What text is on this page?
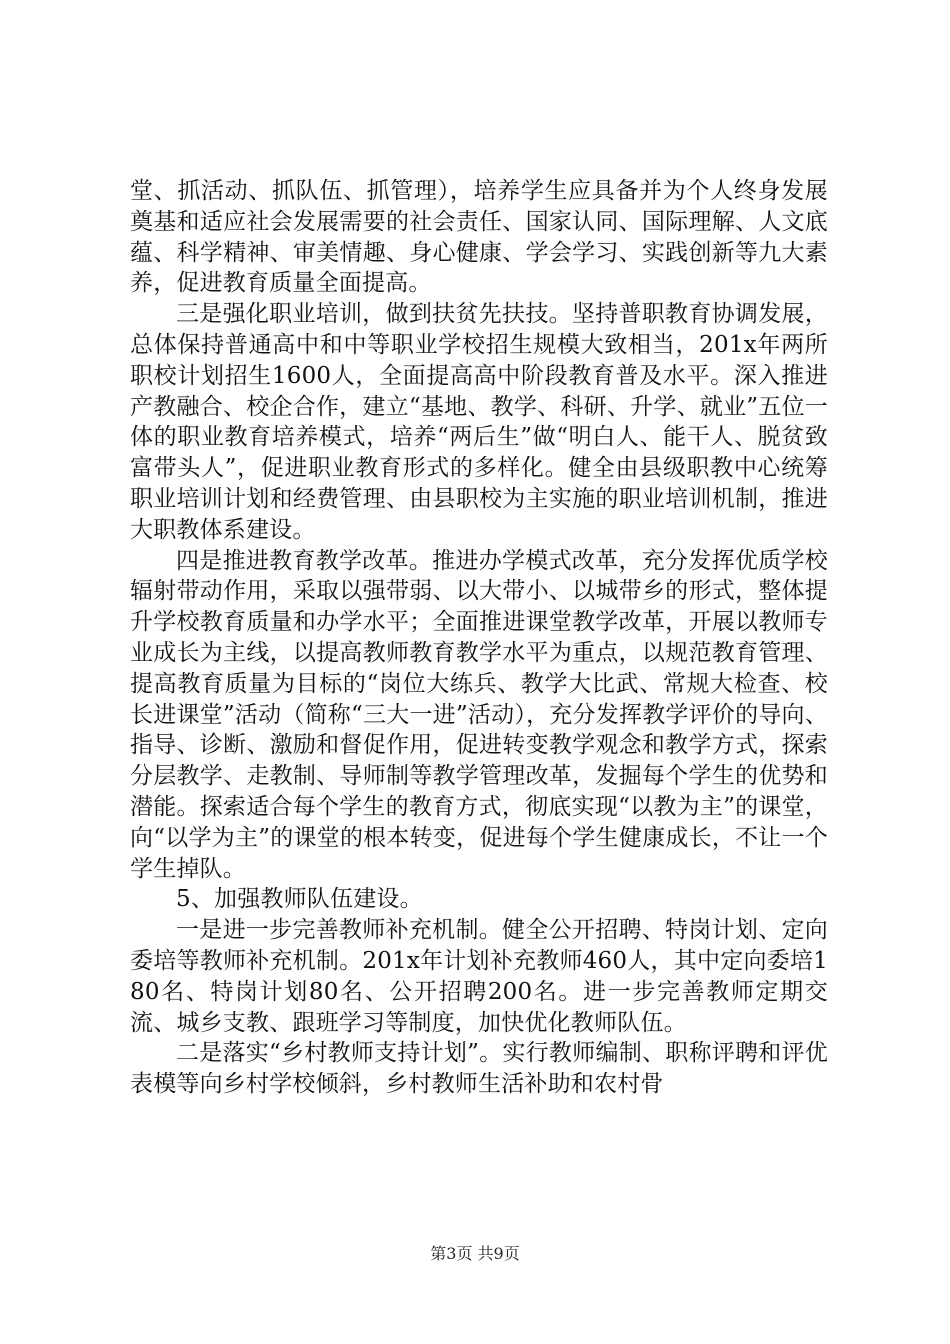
堂、抓活动、抓队伍、抓管理），培养学生应具备并为个人终身发展奠基和适应社会发展需要的社会责任、国家认同、国际理解、人文底蕴、科学精神、审美情趣、身心健康、学会学习、实践创新等九大素养，促进教育质量全面提高。

三是强化职业培训，做到扶贫先扶技。坚持普职教育协调发展，总体保持普通高中和中等职业学校招生规模大致相当，201x年两所职校计划招生1600人，全面提高高中阶段教育普及水平。深入推进产教融合、校企合作，建立“基地、教学、科研、升学、就业”五位一体的职业教育培养模式，培养“两后生”做“明白人、能干人、脱贫致富带头人”，促进职业教育形式的多样化。健全由县级职教中心统筹职业培训计划和经费管理、由县职校为主实施的职业培训机制，推进大职教体系建设。

四是推进教育教学改革。推进办学模式改革，充分发挥优质学校辐射带动作用，采取以强带弱、以大带小、以城带乡的形式，整体提升学校教育质量和办学水平；全面推进课堂教学改革，开展以教师专业成长为主线，以提高教师教育教学水平为重点，以规范教育管理、提高教育质量为目标的“岗位大练兵、教学大比武、常规大检查、校长进课堂”活动（简称“三大一进”活动），充分发挥教学评价的导向、指导、诊断、激励和督促作用，促进转变教学观念和教学方式，探索分层教学、走教制、导师制等教学管理改革，发掘每个学生的优势和潜能。探索适合每个学生的教育方式，彻底实现“以教为主”的课堂，向“以学为主”的课堂的根本转变，促进每个学生健康成长，不让一个学生掉队。

5、加强教师队伍建设。

一是进一步完善教师补充机制。健全公开招聘、特岗计划、定向委培等教师补充机制。201x年计划补充教师460人，其中定向委培180名、特岗计划80名、公开招聘200名。进一步完善教师定期交流、城乡支教、跟班学习等制度，加快优化教师队伍。

二是落实“乡村教师支持计划”。实行教师编制、职称评聘和评优表模等向乡村学校倾斜，乡村教师生活补助和农村骨

第3页 共9页
